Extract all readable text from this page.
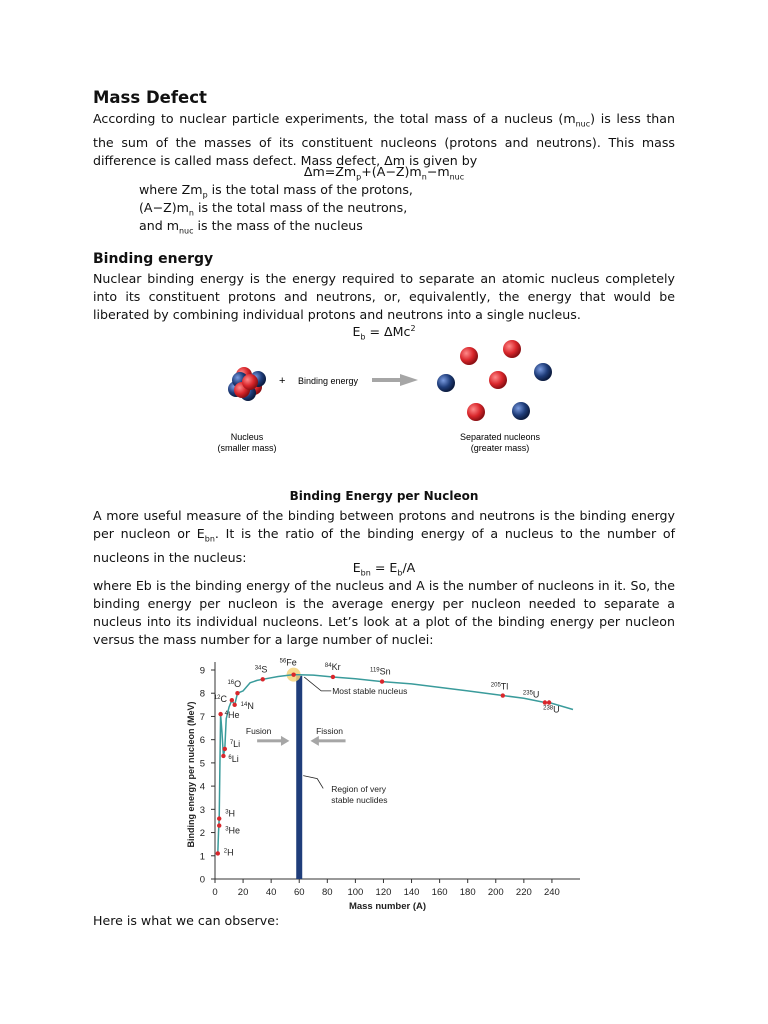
Mass Defect
According to nuclear particle experiments, the total mass of a nucleus $(m_{nuc})$ is less than the sum of the masses of its constituent nucleons (protons and neutrons). This mass difference is called mass defect. Mass defect, Δm is given by
$\Delta m=Zm_p+(A-Z)m_n-m_{nuc}$
where $Zm_p$ is the total mass of the protons,
$(A-Z)m_n$ is the total mass of the neutrons,
and $m_{nuc}$ is the mass of the nucleus
Binding energy
Nuclear binding energy is the energy required to separate an atomic nucleus completely into its constituent protons and neutrons, or, equivalently, the energy that would be liberated by combining individual protons and neutrons into a single nucleus.
$E_b = \Delta Mc^2$
+ Binding energy
Nucleus
(smaller mass)
Separated nucleons
(greater mass)
Binding Energy per Nucleon
A more useful measure of the binding between protons and neutrons is the binding energy per nucleon or $E_{bn}$. It is the ratio of the binding energy of a nucleus to the number of nucleons in the nucleus:
$E_{bn} = E_b/A$
where Eb is the binding energy of the nucleus and A is the number of nucleons in it. So, the binding energy per nucleon is the average energy per nucleon needed to separate a nucleus into its individual nucleons. Let’s look at a plot of the binding energy per nucleon versus the mass number for a large number of nuclei:
0 20 40 60 80 100 120 140 160 180 200 220 240
0
1
2
3
4
5
6
7
8
9
Mass number (A)
Binding energy per nucleon (MeV)
$^2$H
$^3$H
$^3$He
$^4$He
$^6$Li
$^7$Li
$^{12}$C
$^{14}$N
$^{16}$O
$^{34}$S
$^{56}$Fe	$^{84}$Kr	$^{119}$Sn
$^{205}$Tl
$^{235}$U
$^{238}$U
Most stable nucleus
Fusion	Fission
Region of very
stable nuclides
Here is what we can observe:
